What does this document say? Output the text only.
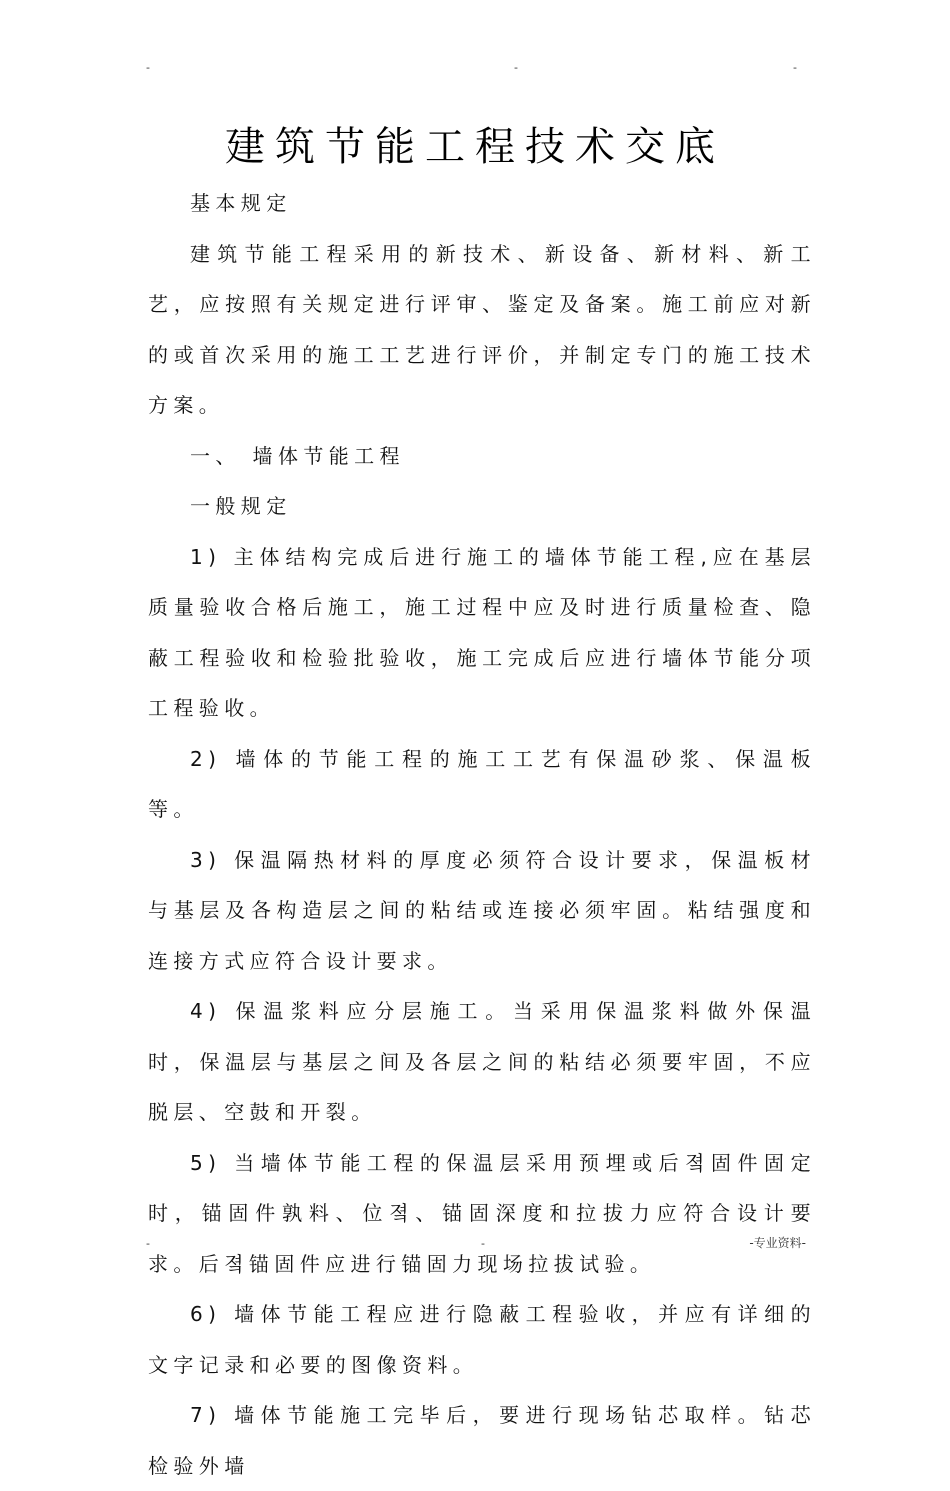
-	-	-
建筑节能工程技术交底

基本规定

建筑节能工程采用的新技术、新设备、新材料、新工艺，应按照有关规定进行评审、鉴定及备案。施工前应对新的或首次采用的施工工艺进行评价，并制定专门的施工技术方案。

一、 墙体节能工程

一般规定

1) 主体结构完成后进行施工的墙体节能工程,应在基层质量验收合格后施工，施工过程中应及时进行质量检查、隐蔽工程验收和检验批验收，施工完成后应进行墙体节能分项工程验收。

2) 墙体的节能工程的施工工艺有保温砂浆、保温板等。

3) 保温隔热材料的厚度必须符合设计要求，保温板材与基层及各构造层之间的粘结或连接必须牢固。粘结强度和连接方式应符合设计要求。

4) 保温浆料应分层施工。当采用保温浆料做外保温时，保温层与基层之间及各层之间的粘结必须要牢固，不应脱层、空鼓和开裂。

5) 当墙体节能工程的保温层采用预埋或后졐固件固定时，锚固件孰料、位졐、锚固深度和拉拔力应符合设计要求。后졐锚固件应进行锚固力现场拉拔试验。

6) 墙体节能工程应进行隐蔽工程验收，并应有详细的文字记录和必要的图像资料。

7) 墙体节能施工完毕后，要进行现场钻芯取样。钻芯检验外墙

-	-	-专业资料-
